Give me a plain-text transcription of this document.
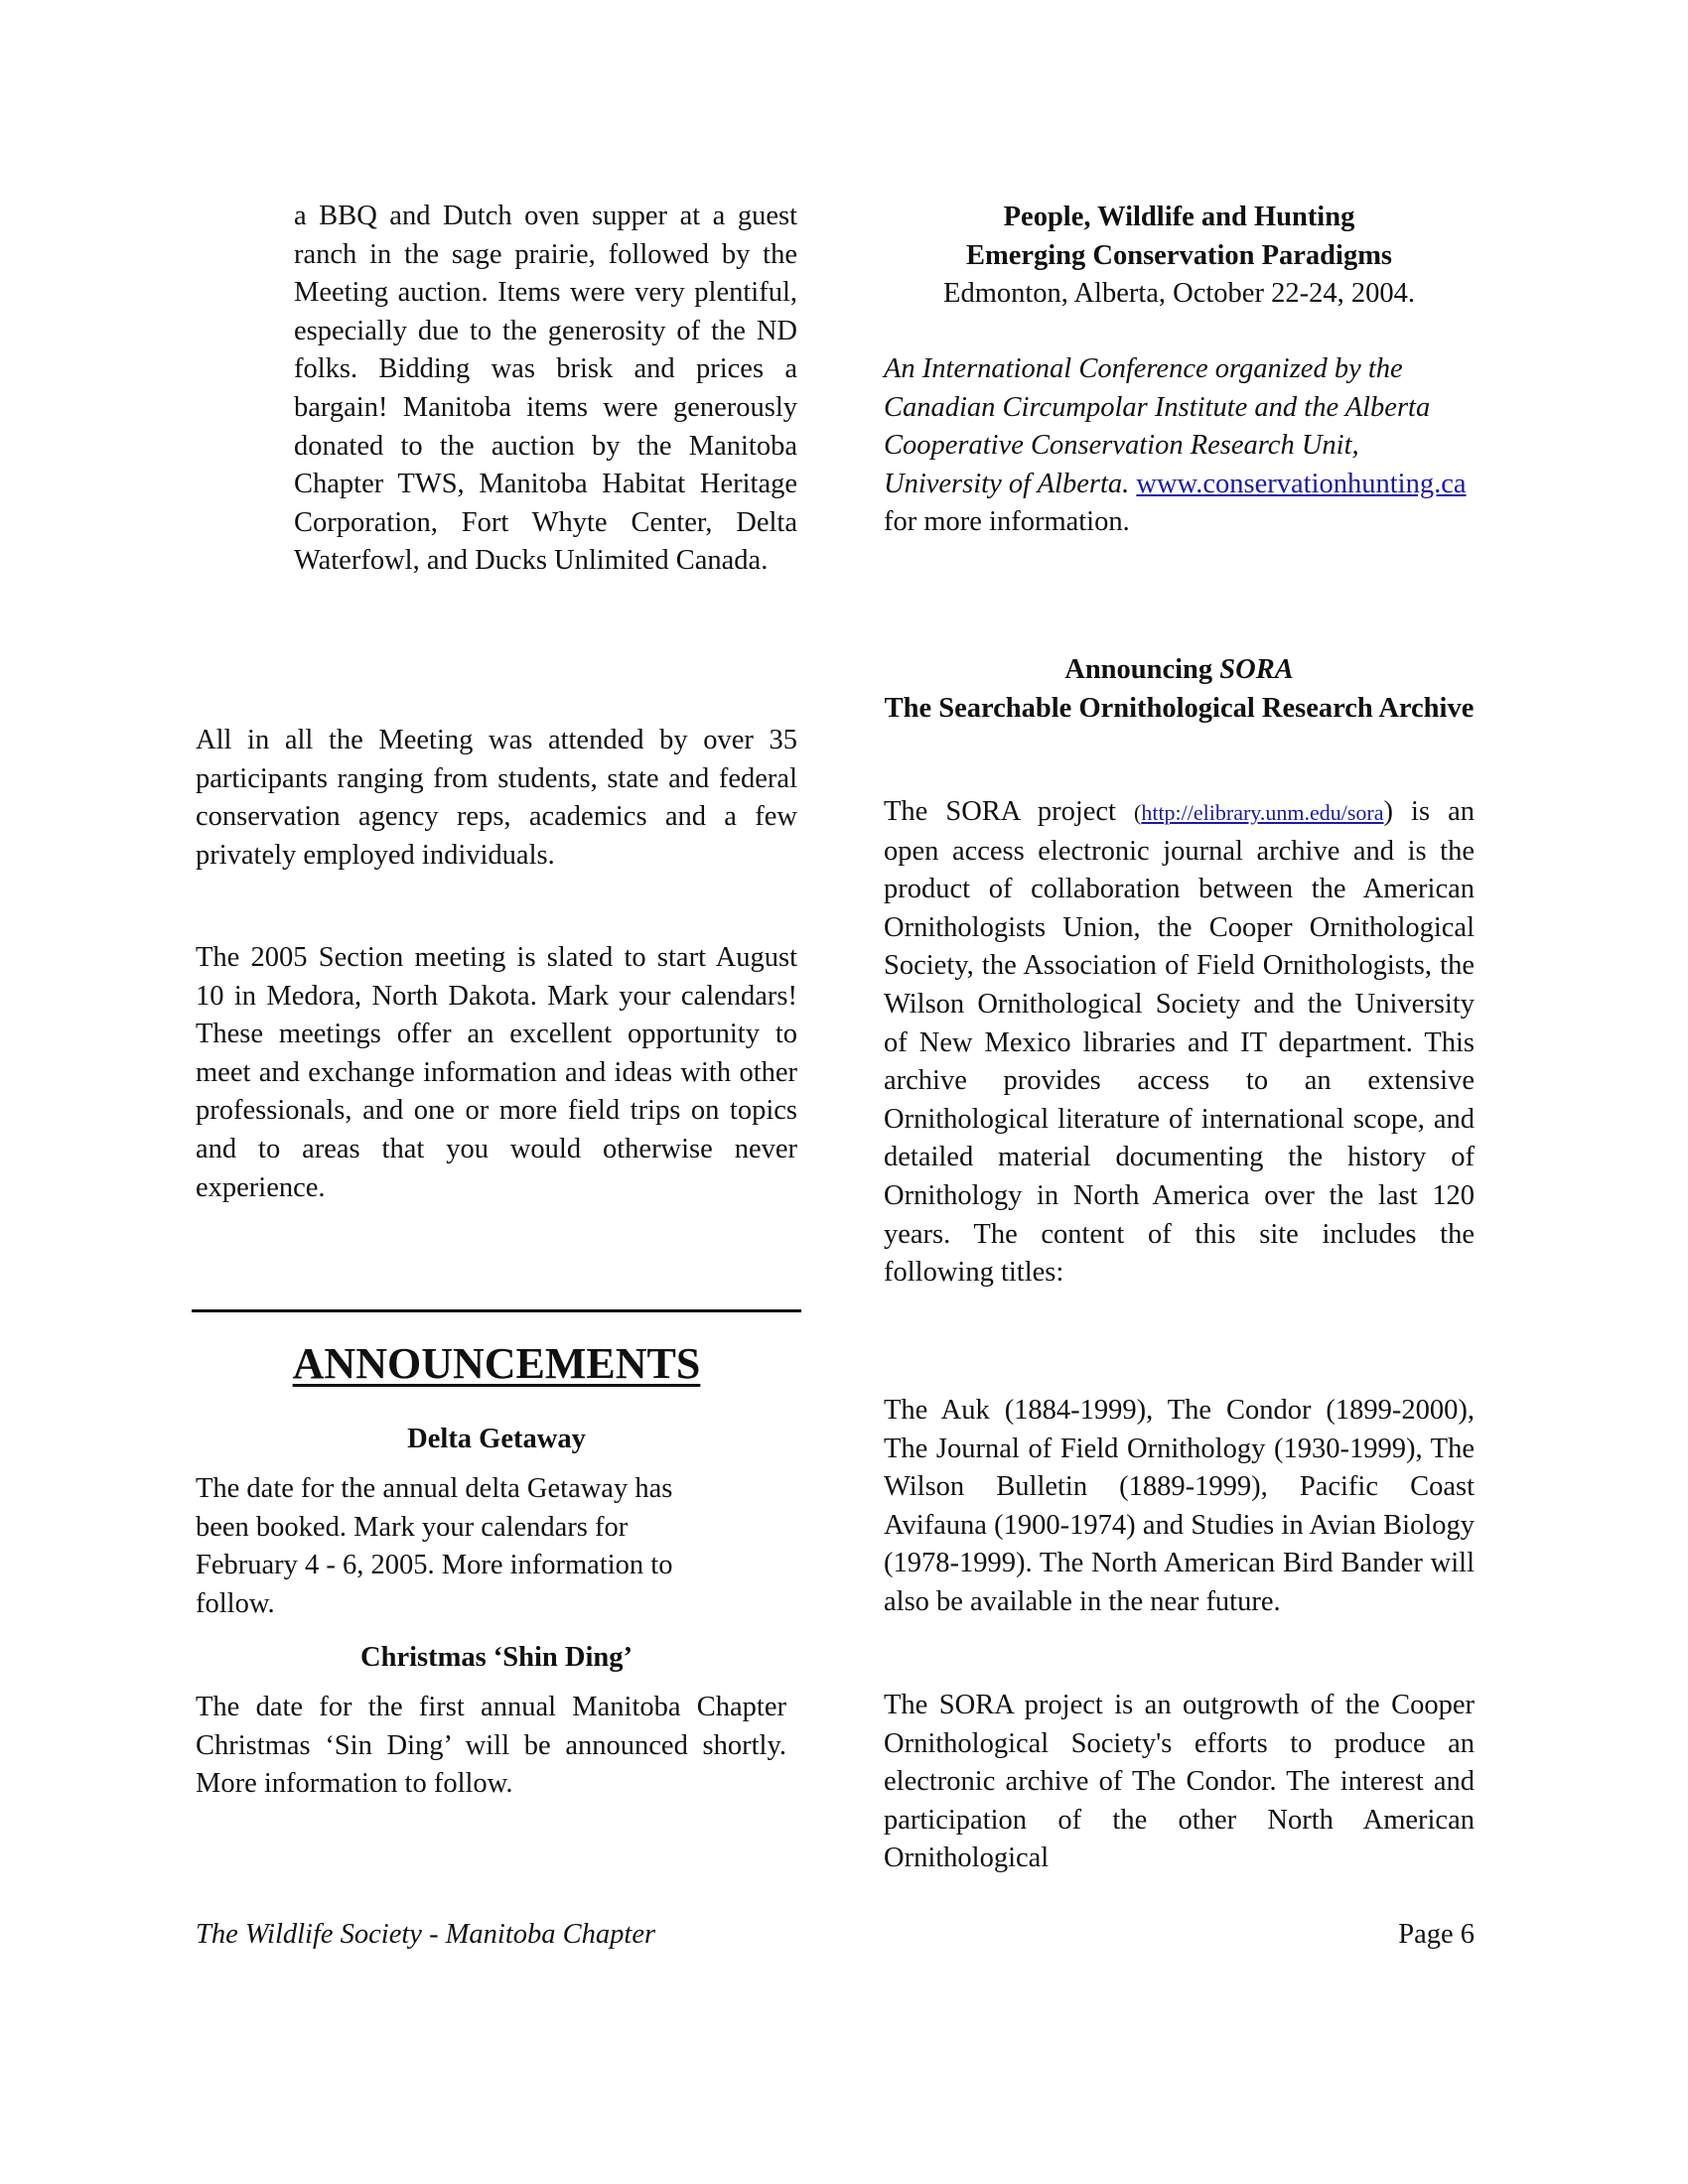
a BBQ and Dutch oven supper at a guest ranch in the sage prairie, followed by the Meeting auction. Items were very plentiful, especially due to the generosity of the ND folks. Bidding was brisk and prices a bargain! Manitoba items were generously donated to the auction by the Manitoba Chapter TWS, Manitoba Habitat Heritage Corporation, Fort Whyte Center, Delta Waterfowl, and Ducks Unlimited Canada.

All in all the Meeting was attended by over 35 participants ranging from students, state and federal conservation agency reps, academics and a few privately employed individuals.

The 2005 Section meeting is slated to start August 10 in Medora, North Dakota. Mark your calendars! These meetings offer an excellent opportunity to meet and exchange information and ideas with other professionals, and one or more field trips on topics and to areas that you would otherwise never experience.

ANNOUNCEMENTS

Delta Getaway

The date for the annual delta Getaway has
been booked. Mark your calendars for
February 4 - 6, 2005. More information to
follow.

Christmas ‘Shin Ding’

The date for the first annual Manitoba Chapter Christmas ‘Sin Ding’ will be announced shortly. More information to follow.

People, Wildlife and Hunting
Emerging Conservation Paradigms
Edmonton, Alberta, October 22-24, 2004.
An International Conference organized by the Canadian Circumpolar Institute and the Alberta Cooperative Conservation Research Unit, University of Alberta. www.conservationhunting.ca for more information.
Announcing SORA
The Searchable Ornithological Research Archive

The SORA project (http://elibrary.unm.edu/sora) is an open access electronic journal archive and is the product of collaboration between the American Ornithologists Union, the Cooper Ornithological Society, the Association of Field Ornithologists, the Wilson Ornithological Society and the University of New Mexico libraries and IT department. This archive provides access to an extensive Ornithological literature of international scope, and detailed material documenting the history of Ornithology in North America over the last 120 years. The content of this site includes the following titles:

The Auk (1884-1999), The Condor (1899-2000), The Journal of Field Ornithology (1930-1999), The Wilson Bulletin (1889-1999), Pacific Coast Avifauna (1900-1974) and Studies in Avian Biology (1978-1999). The North American Bird Bander will also be available in the near future.

The SORA project is an outgrowth of the Cooper Ornithological Society's efforts to produce an electronic archive of The Condor. The interest and participation of the other North American Ornithological

The Wildlife Society - Manitoba Chapter	Page 6
